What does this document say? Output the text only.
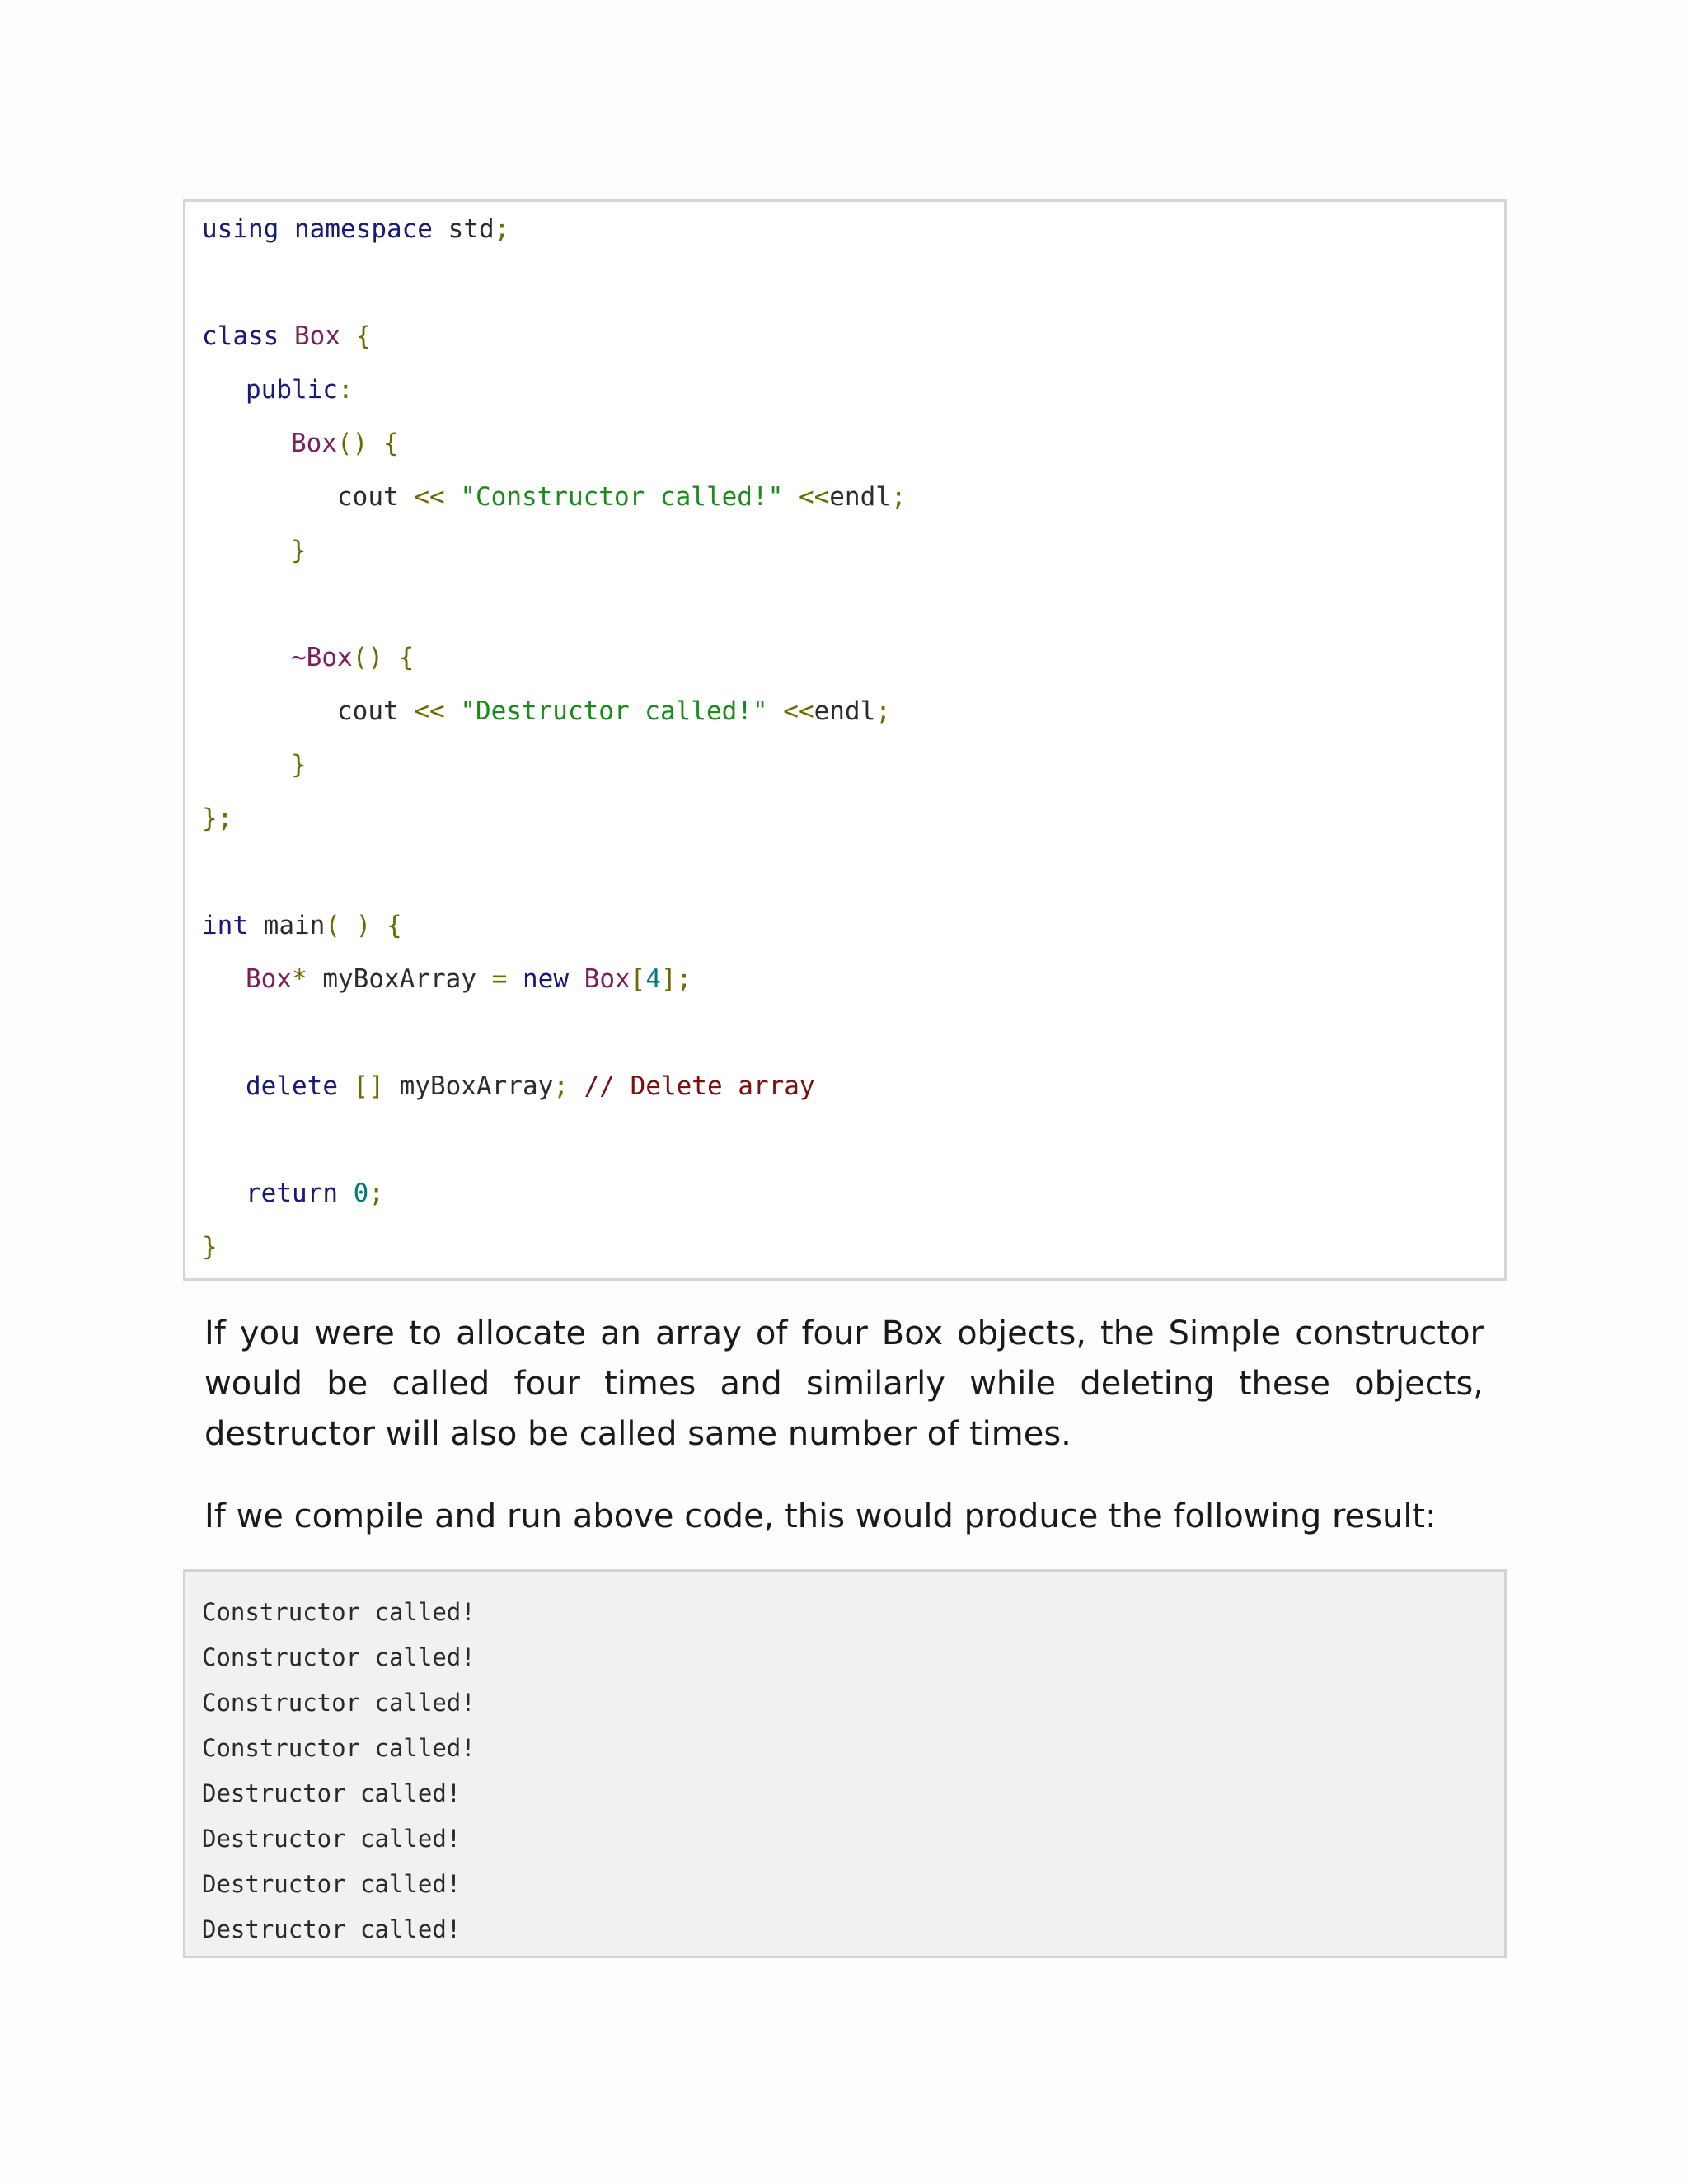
using namespace std;
class Box {
public:
Box() {
cout << "Constructor called!" <<endl;
}
~Box() {
cout << "Destructor called!" <<endl;
}
};
int main( ) {
Box* myBoxArray = new Box[4];
delete [] myBoxArray; // Delete array
return 0;
}

If you were to allocate an array of four Box objects, the Simple constructor would be called four times and similarly while deleting these objects, destructor will also be called same number of times.

If we compile and run above code, this would produce the following result:

Constructor called!
Constructor called!
Constructor called!
Constructor called!
Destructor called!
Destructor called!
Destructor called!
Destructor called!
